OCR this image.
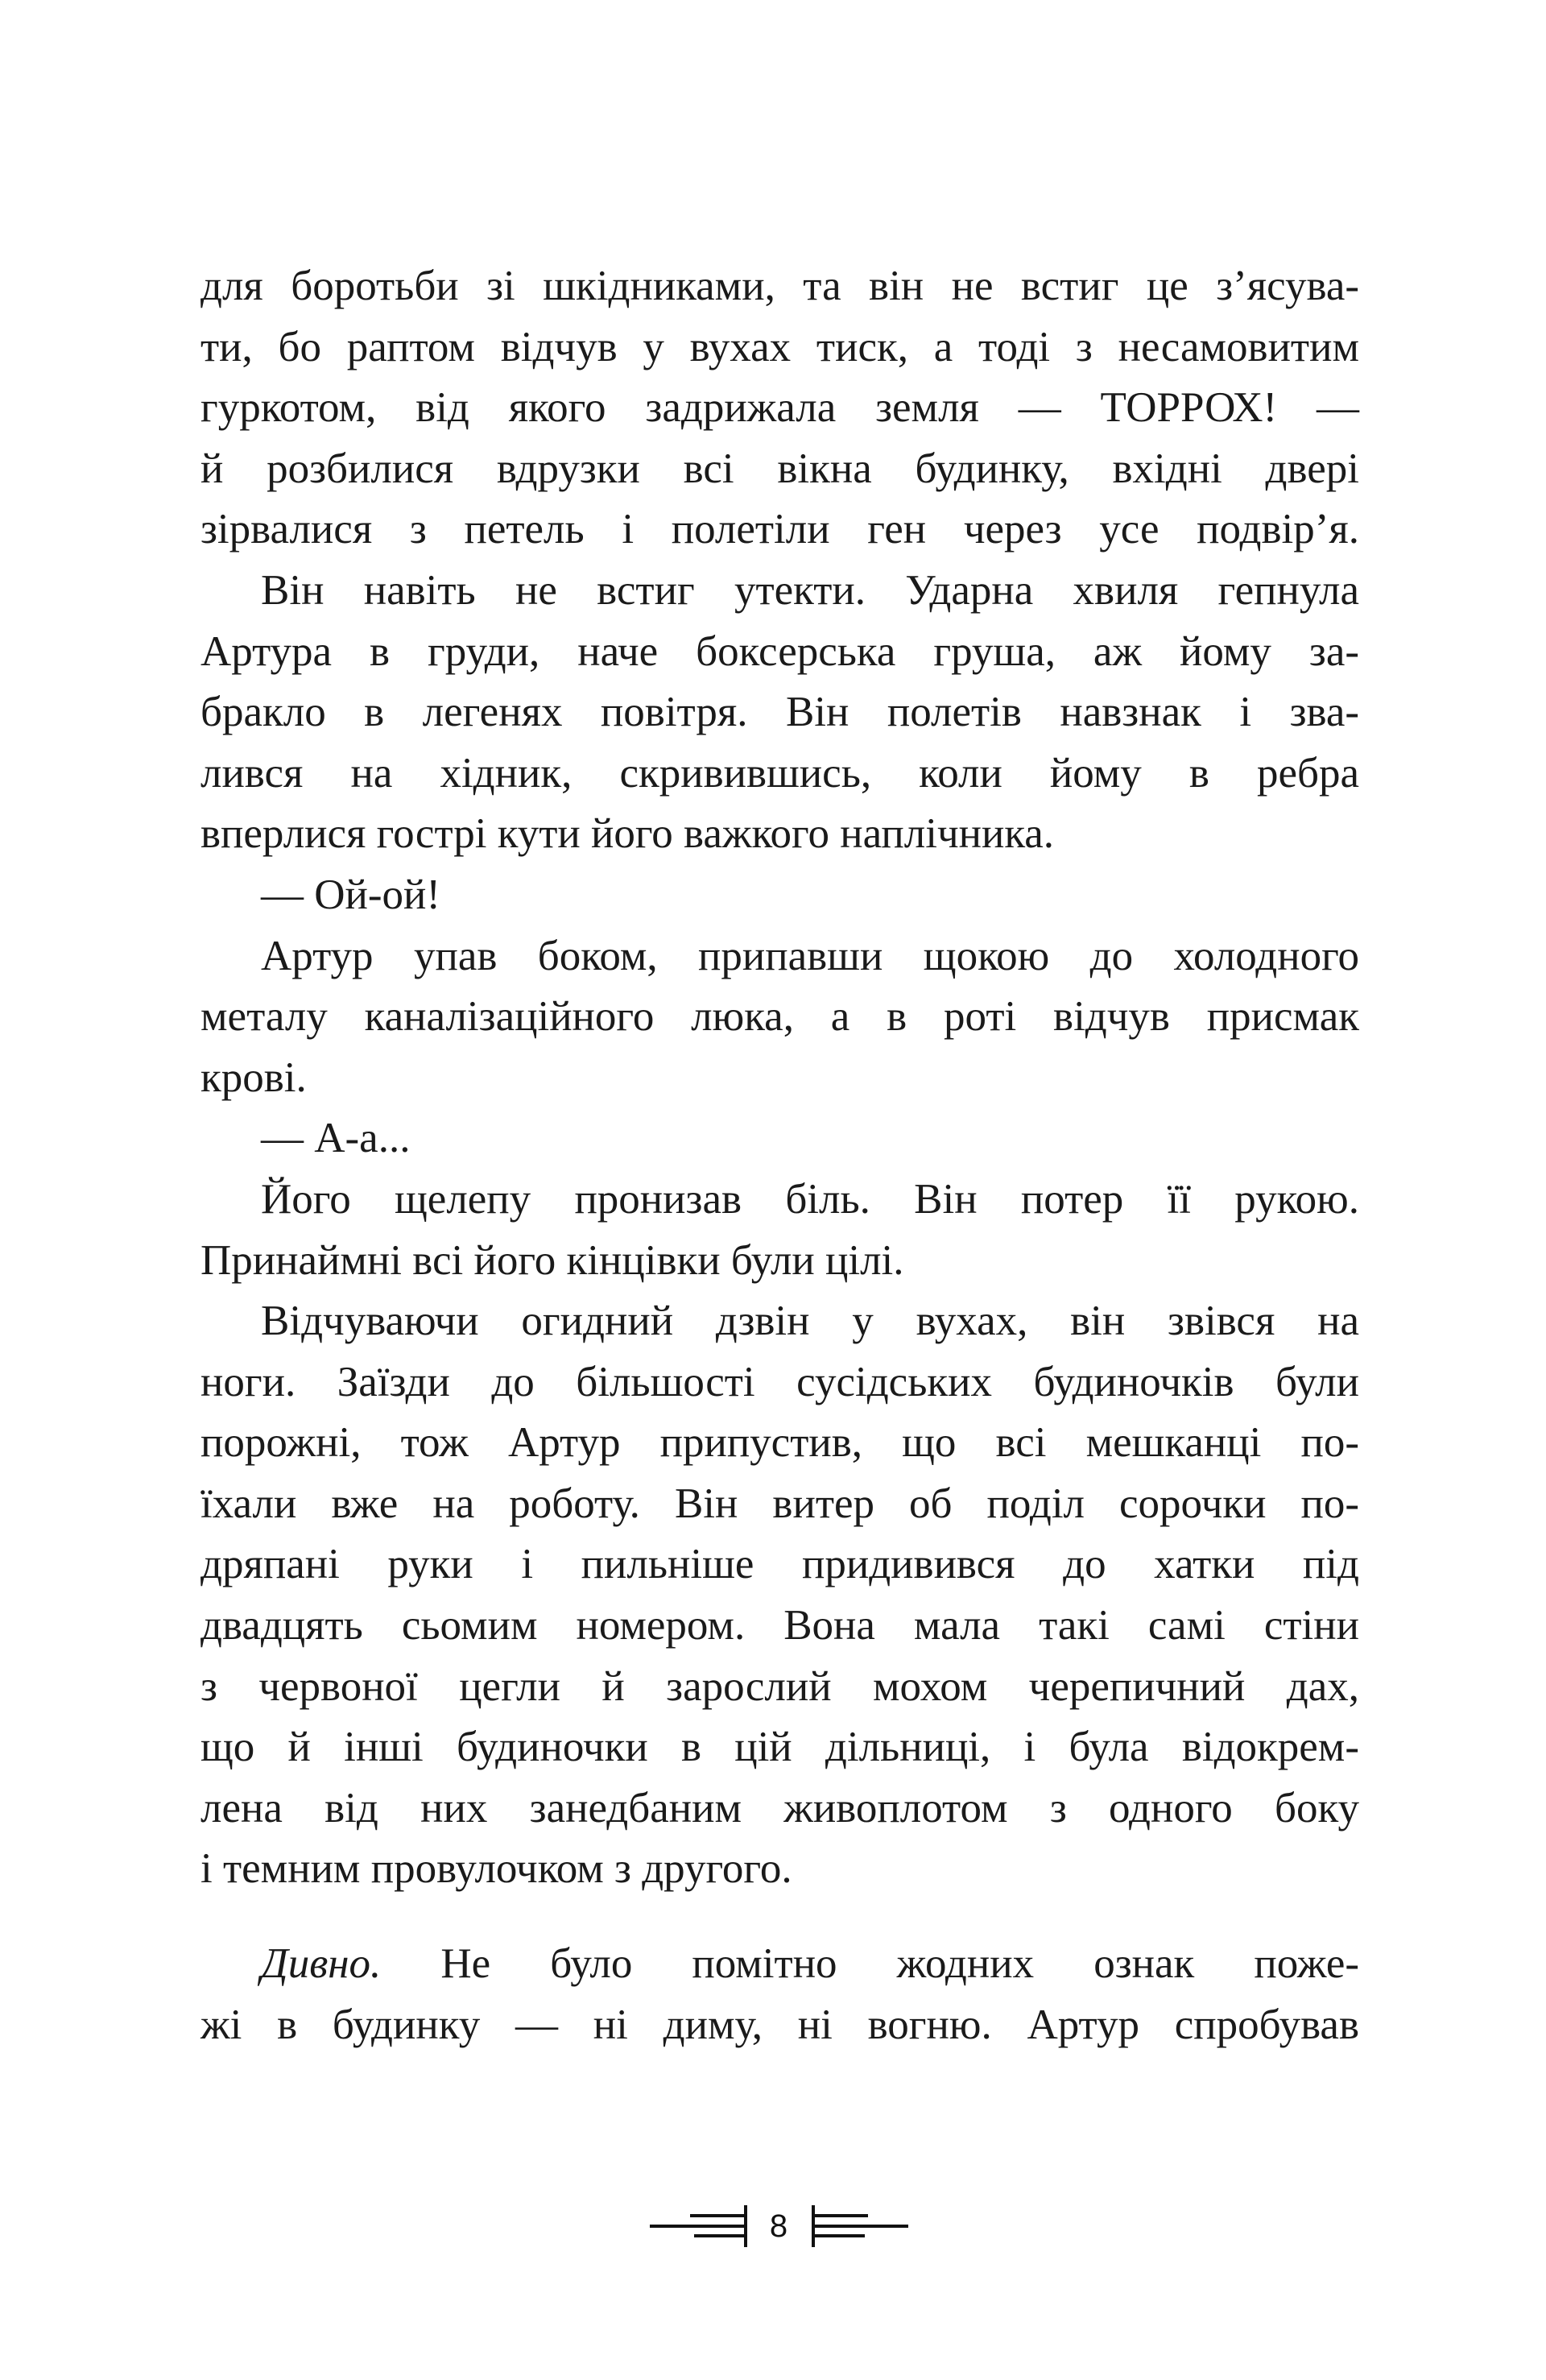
для боротьби зі шкідниками, та він не встиг це з’ясува-
ти, бо раптом відчув у вухах тиск, а тоді з несамовитим
гуркотом, від якого задрижала земля — ТОРРОХ! —
й розбилися вдрузки всі вікна будинку, вхідні двері
зірвалися з петель і полетіли ген через усе подвір’я.
Він навіть не встиг утекти. Ударна хвиля гепнула
Артура в груди, наче боксерська груша, аж йому за-
бракло в легенях повітря. Він полетів навзнак і зва-
лився на хідник, скривившись, коли йому в ребра
вперлися гострі кути його важкого наплічника.
— Ой-ой!
Артур упав боком, припавши щокою до холодного
металу каналізаційного люка, а в роті відчув присмак
крові.
— А-а...
Його щелепу пронизав біль. Він потер її рукою.
Принаймні всі його кінцівки були цілі.
Відчуваючи огидний дзвін у вухах, він звівся на
ноги. Заїзди до більшості сусідських будиночків були
порожні, тож Артур припустив, що всі мешканці по-
їхали вже на роботу. Він витер об поділ сорочки по-
дряпані руки і пильніше придивився до хатки під
двадцять сьомим номером. Вона мала такі самі стіни
з червоної цегли й зарослий мохом черепичний дах,
що й інші будиночки в цій дільниці, і була відокрем-
лена від них занедбаним живоплотом з одного боку
і темним провулочком з другого.
Дивно. Не було помітно жодних ознак поже-
жі в будинку — ні диму, ні вогню. Артур спробував
8
